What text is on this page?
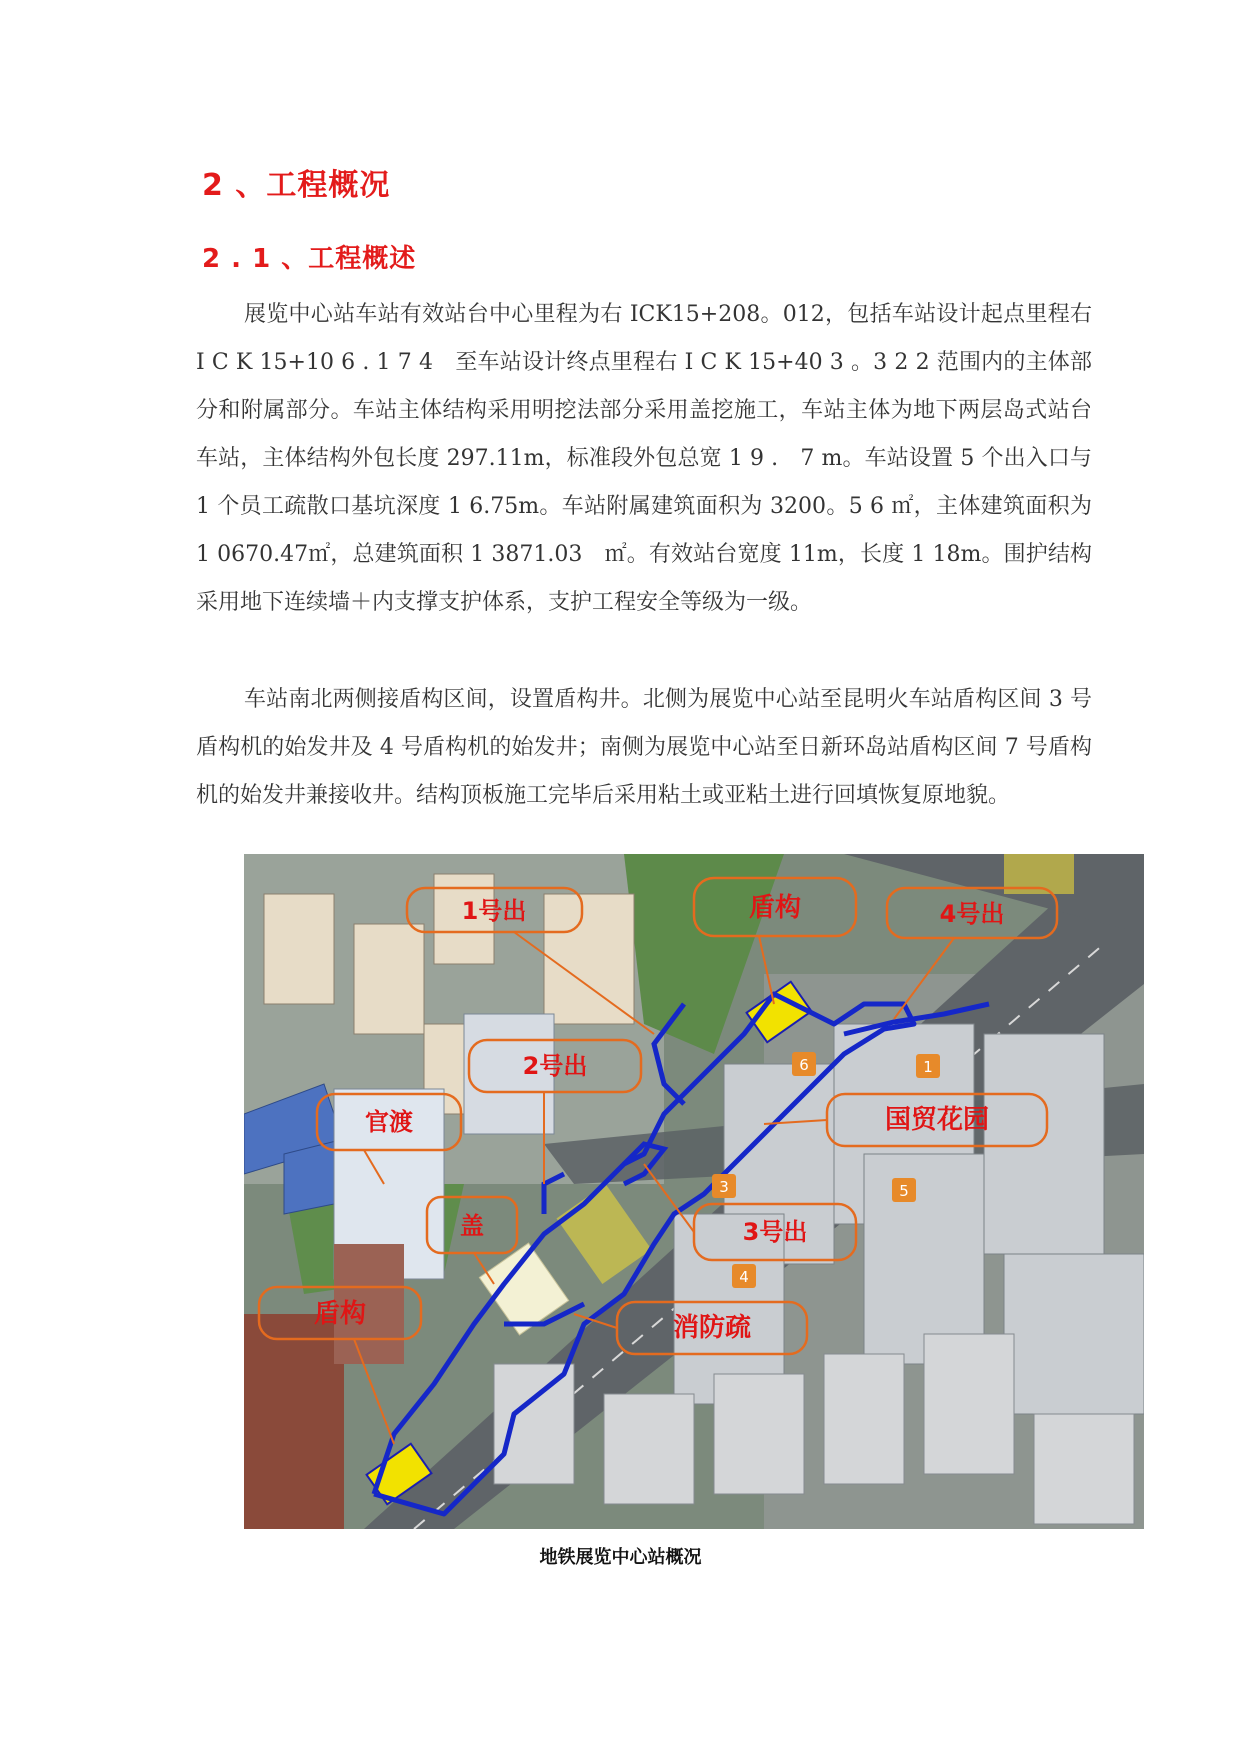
2 、工程概况
2 . 1 、工程概述

展览中心站车站有效站台中心里程为右 ICK15+208。012，包括车站设计起点里程右 I C K 15+10 6 . 1 7 4　至车站设计终点里程右 I C K 15+40 3 。3 2 2 范围内的主体部分和附属部分。车站主体结构采用明挖法部分采用盖挖施工，车站主体为地下两层岛式站台车站，主体结构外包长度 297.11m，标准段外包总宽 1 9 .　7 m。车站设置 5 个出入口与 1 个员工疏散口基坑深度 1 6.75m。车站附属建筑面积为 3200。5 6 ㎡，主体建筑面积为 1 0670.47㎡，总建筑面积 1 3871.03　㎡。有效站台宽度 11m，长度 1 18m。围护结构采用地下连续墙＋内支撑支护体系，支护工程安全等级为一级。

车站南北两侧接盾构区间，设置盾构井。北侧为展览中心站至昆明火车站盾构区间 3 号盾构机的始发井及 4 号盾构机的始发井；南侧为展览中心站至日新环岛站盾构区间 7 号盾构机的始发井兼接收井。结构顶板施工完毕后采用粘土或亚粘土进行回填恢复原地貌。

6	1
3	5
4
1号出	盾构	4号出
2号出
官渡	国贸花园
盖	3号出
盾构	消防疏
地铁展览中心站概况
